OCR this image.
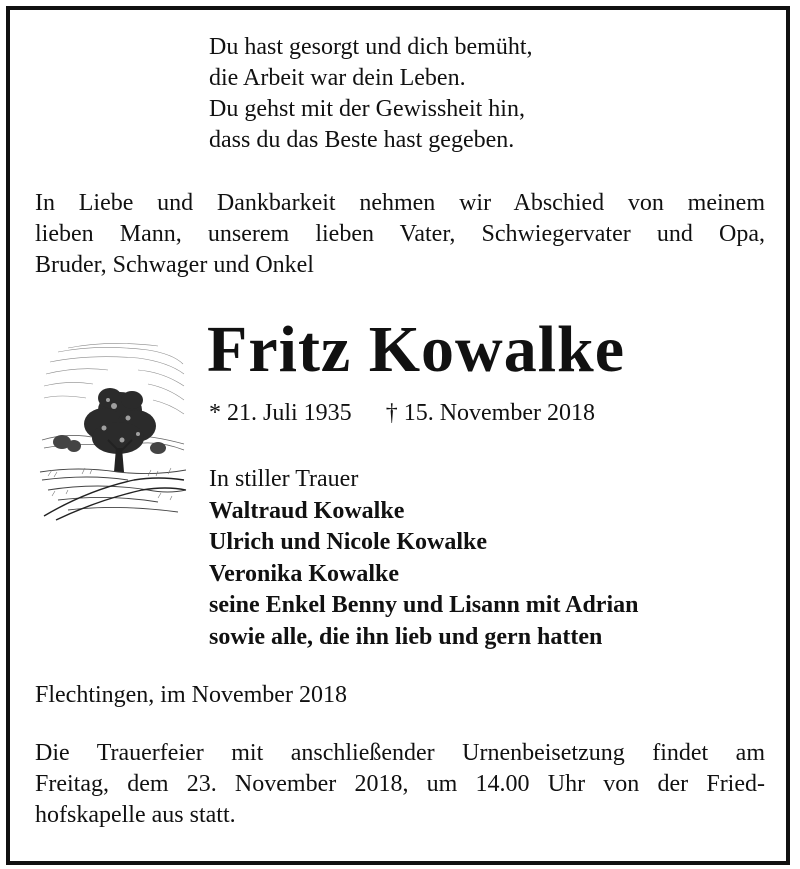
Du hast gesorgt und dich bemüht,
die Arbeit war dein Leben.
Du gehst mit der Gewissheit hin,
dass du das Beste hast gegeben.
In Liebe und Dankbarkeit nehmen wir Abschied von meinem
lieben Mann, unserem lieben Vater, Schwiegervater und Opa,
Bruder, Schwager und Onkel
Fritz Kowalke
* 21. Juli 1935 † 15. November 2018
In stiller Trauer
Waltraud Kowalke
Ulrich und Nicole Kowalke
Veronika Kowalke
seine Enkel Benny und Lisann mit Adrian
sowie alle, die ihn lieb und gern hatten
Flechtingen, im November 2018
Die Trauerfeier mit anschließender Urnenbeisetzung findet am
Freitag, dem 23. November 2018, um 14.00 Uhr von der Fried-
hofskapelle aus statt.
